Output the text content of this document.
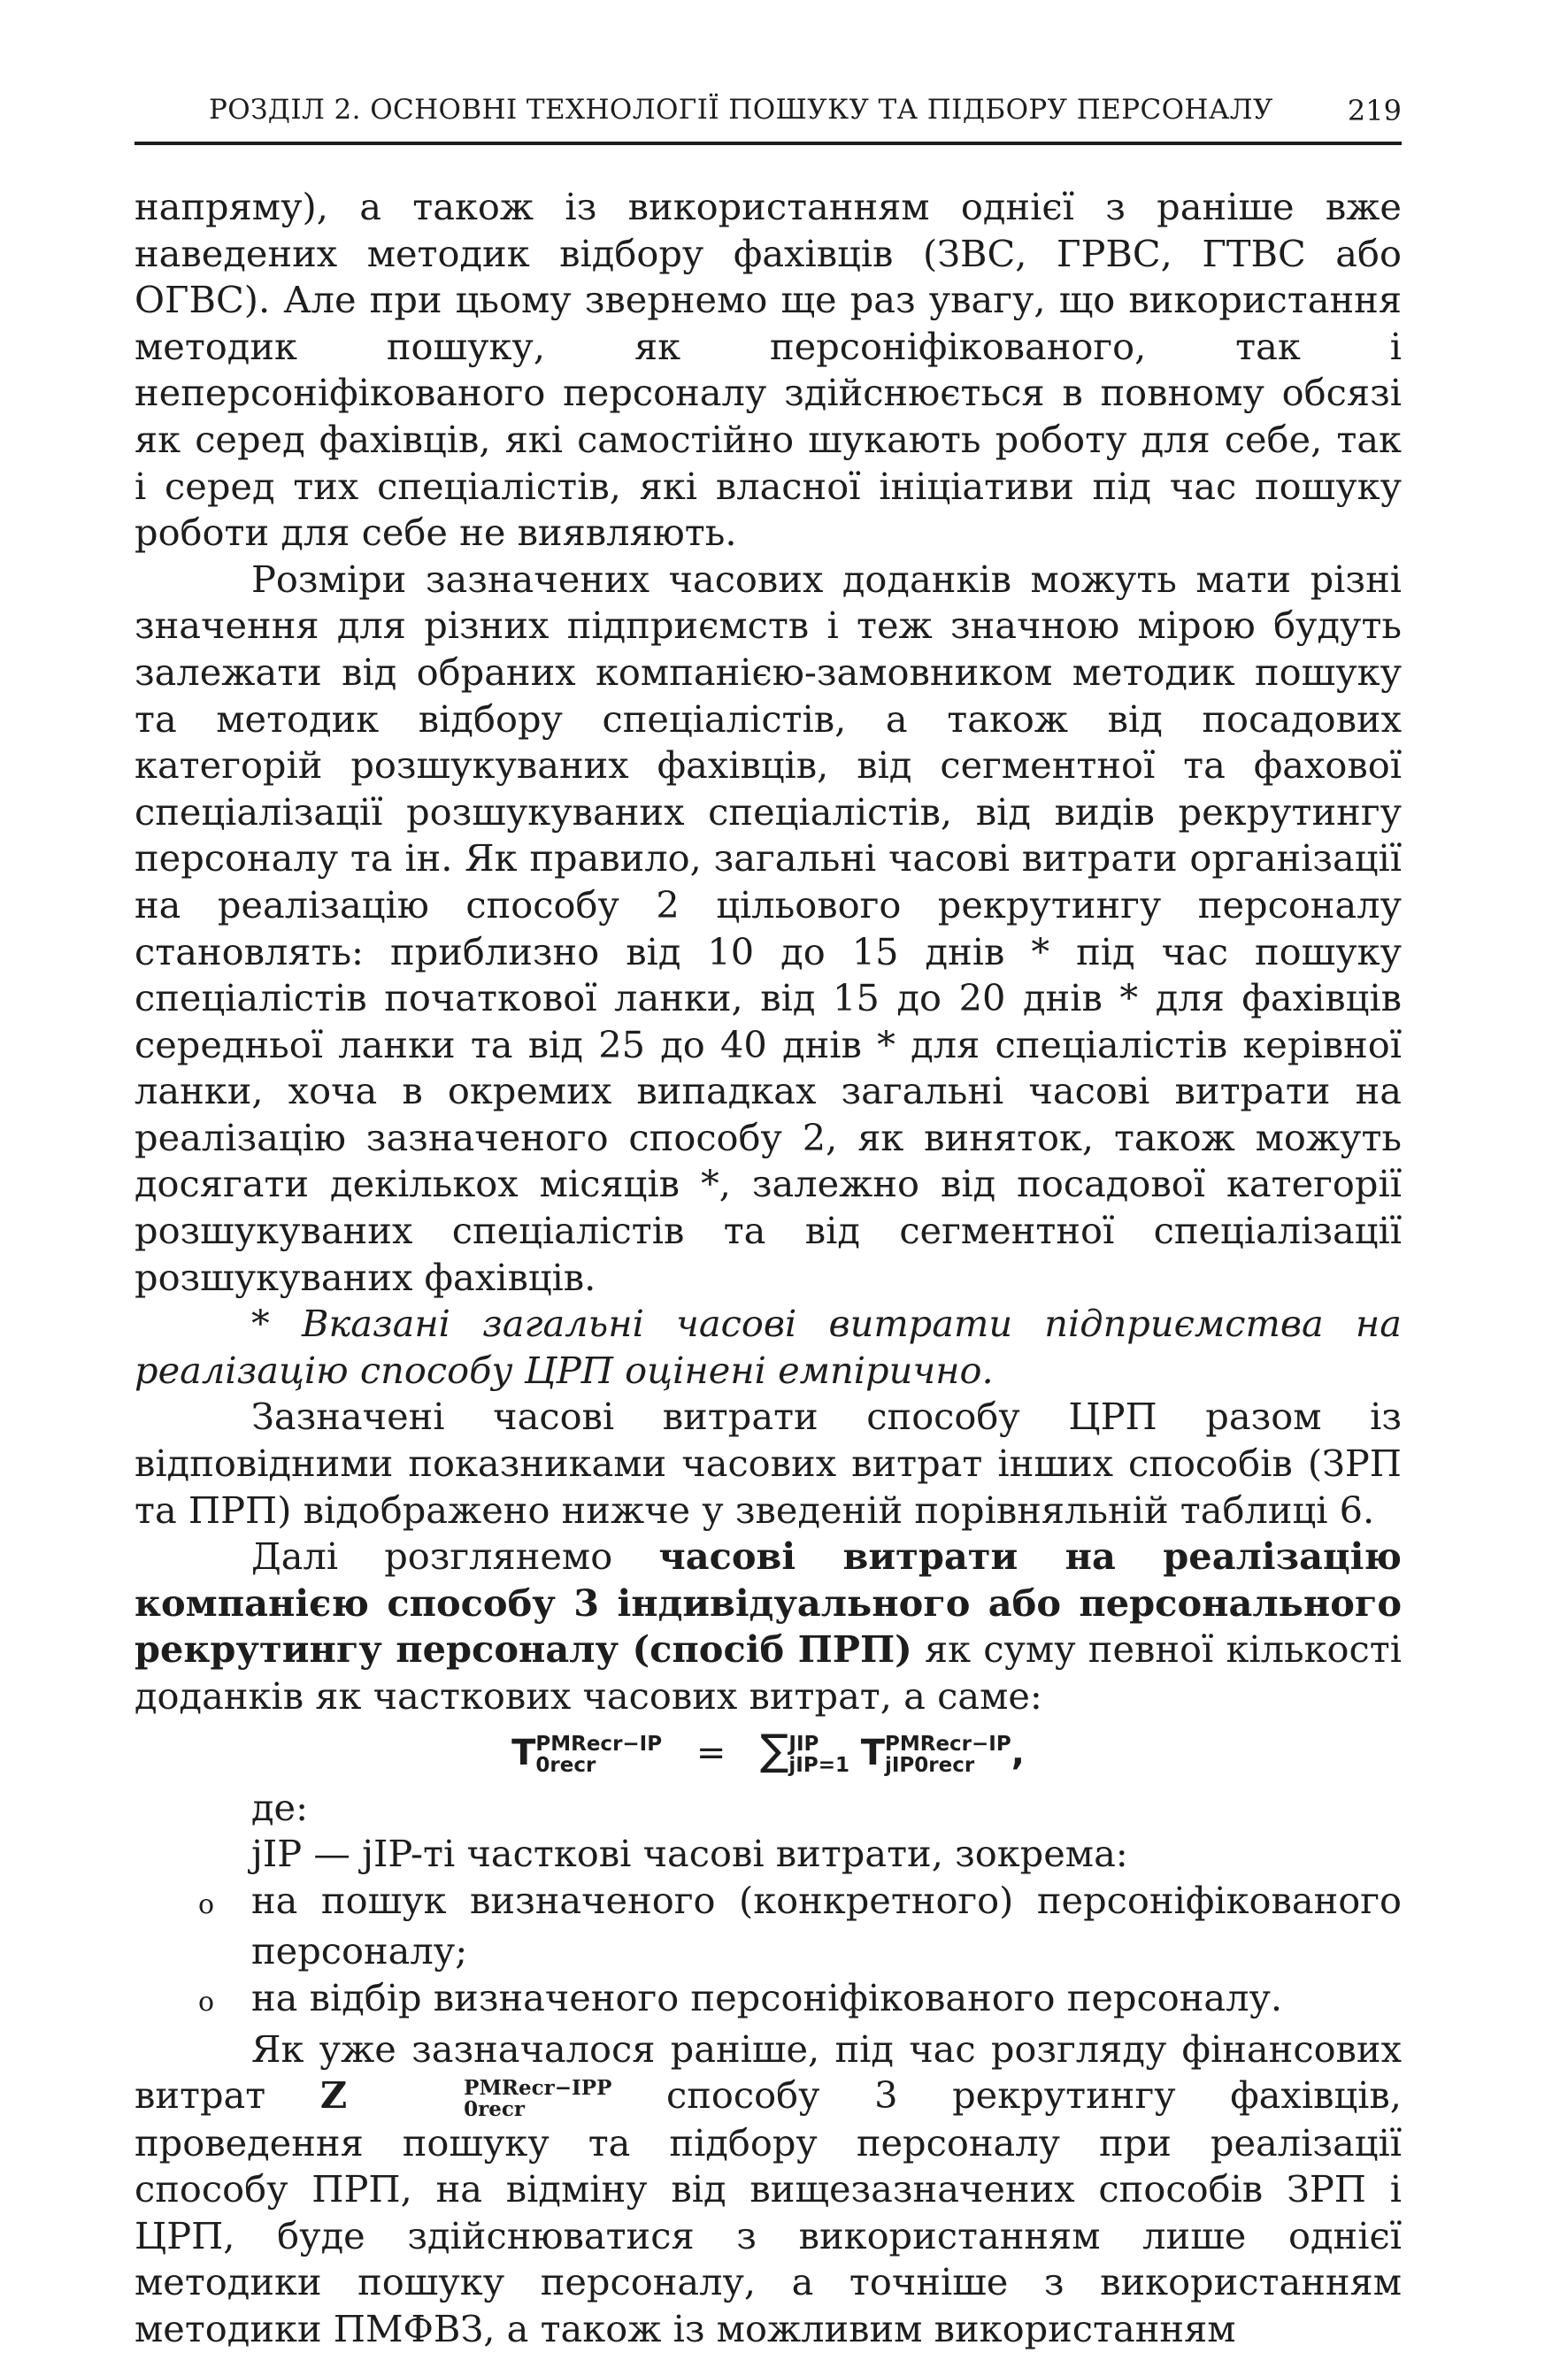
РОЗДІЛ 2. ОСНОВНІ ТЕХНОЛОГІЇ ПОШУКУ ТА ПІДБОРУ ПЕРСОНАЛУ	219

напряму), а також із використанням однієї з раніше вже наведених методик відбору фахівців (ЗВС, ГРВС, ГТВС або ОГВС). Але при цьому звернемо ще раз увагу, що використання методик пошуку, як персоніфікованого, так і неперсоніфікованого персоналу здійснюється в повному обсязі як серед фахівців, які самостійно шукають роботу для себе, так і серед тих спеціалістів, які власної ініціативи під час пошуку роботи для себе не виявляють.

Розміри зазначених часових доданків можуть мати різні значення для різних підприємств і теж значною мірою будуть залежати від обраних компанією-замовником методик пошуку та методик відбору спеціалістів, а також від посадових категорій розшукуваних фахівців, від сегментної та фахової спеціалізації розшукуваних спеціалістів, від видів рекрутингу персоналу та ін. Як правило, загальні часові витрати організації на реалізацію способу 2 цільового рекрутингу персоналу становлять: приблизно від 10 до 15 днів * під час пошуку спеціалістів початкової ланки, від 15 до 20 днів * для фахівців середньої ланки та від 25 до 40 днів * для спеціалістів керівної ланки, хоча в окремих випадках загальні часові витрати на реалізацію зазначеного способу 2, як виняток, також можуть досягати декількох місяців *, залежно від посадової категорії розшукуваних спеціалістів та від сегментної спеціалізації розшукуваних фахівців.

* Вказані загальні часові витрати підприємства на реалізацію способу ЦРП оцінені емпірично.

Зазначені часові витрати способу ЦРП разом із відповідними показниками часових витрат інших способів (ЗРП та ПРП) відображено нижче у зведеній порівняльній таблиці 6.

Далі розглянемо часові витрати на реалізацію компанією способу 3 індивідуального або персонального рекрутингу персоналу (спосіб ПРП) як суму певної кількості доданків як часткових часових витрат, а саме:

T PMRecr−IP
0recr	= ∑ JIP
jIP=1 T PMRecr−IP
jIP0recr	,

де:

jIP — jIP-ті часткові часові витрати, зокрема:

o на пошук визначеного (конкретного) персоніфікованого персоналу;

o на відбір визначеного персоніфікованого персоналу.

Як уже зазначалося раніше, під час розгляду фінансових витрат Z	PMRecr−IPP
0recr	способу 3 рекрутингу фахівців, проведення пошуку та підбору персоналу при реалізації способу ПРП, на відміну від вищезазначених способів ЗРП і ЦРП, буде здійснюватися з використанням лише однієї методики пошуку персоналу, а точніше з використанням методики ПМФВЗ, а також із можливим використанням
